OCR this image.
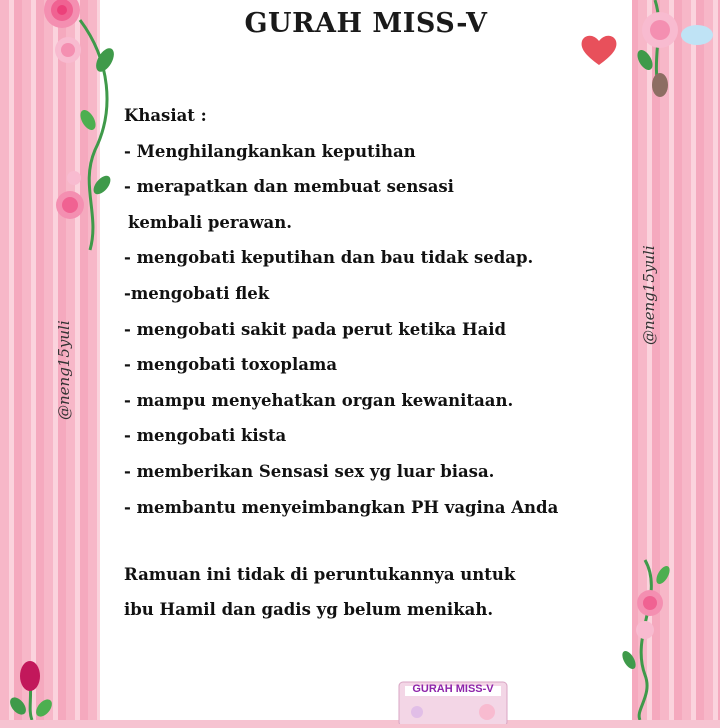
GURAH MISS-V
Khasiat :
- Menghilangkankan keputihan
- merapatkan dan membuat sensasi
kembali perawan.
- mengobati keputihan dan bau tidak sedap.
-mengobati flek
- mengobati sakit pada perut ketika Haid
- mengobati toxoplama
- mampu menyehatkan organ kewanitaan.
- mengobati kista
- memberikan Sensasi sex yg luar biasa.
- membantu menyeimbangkan PH vagina Anda
Ramuan ini tidak di peruntukannya untuk
ibu Hamil dan gadis yg belum menikah.
@neng15yuli
@neng15yuli
GURAH MISS-V
